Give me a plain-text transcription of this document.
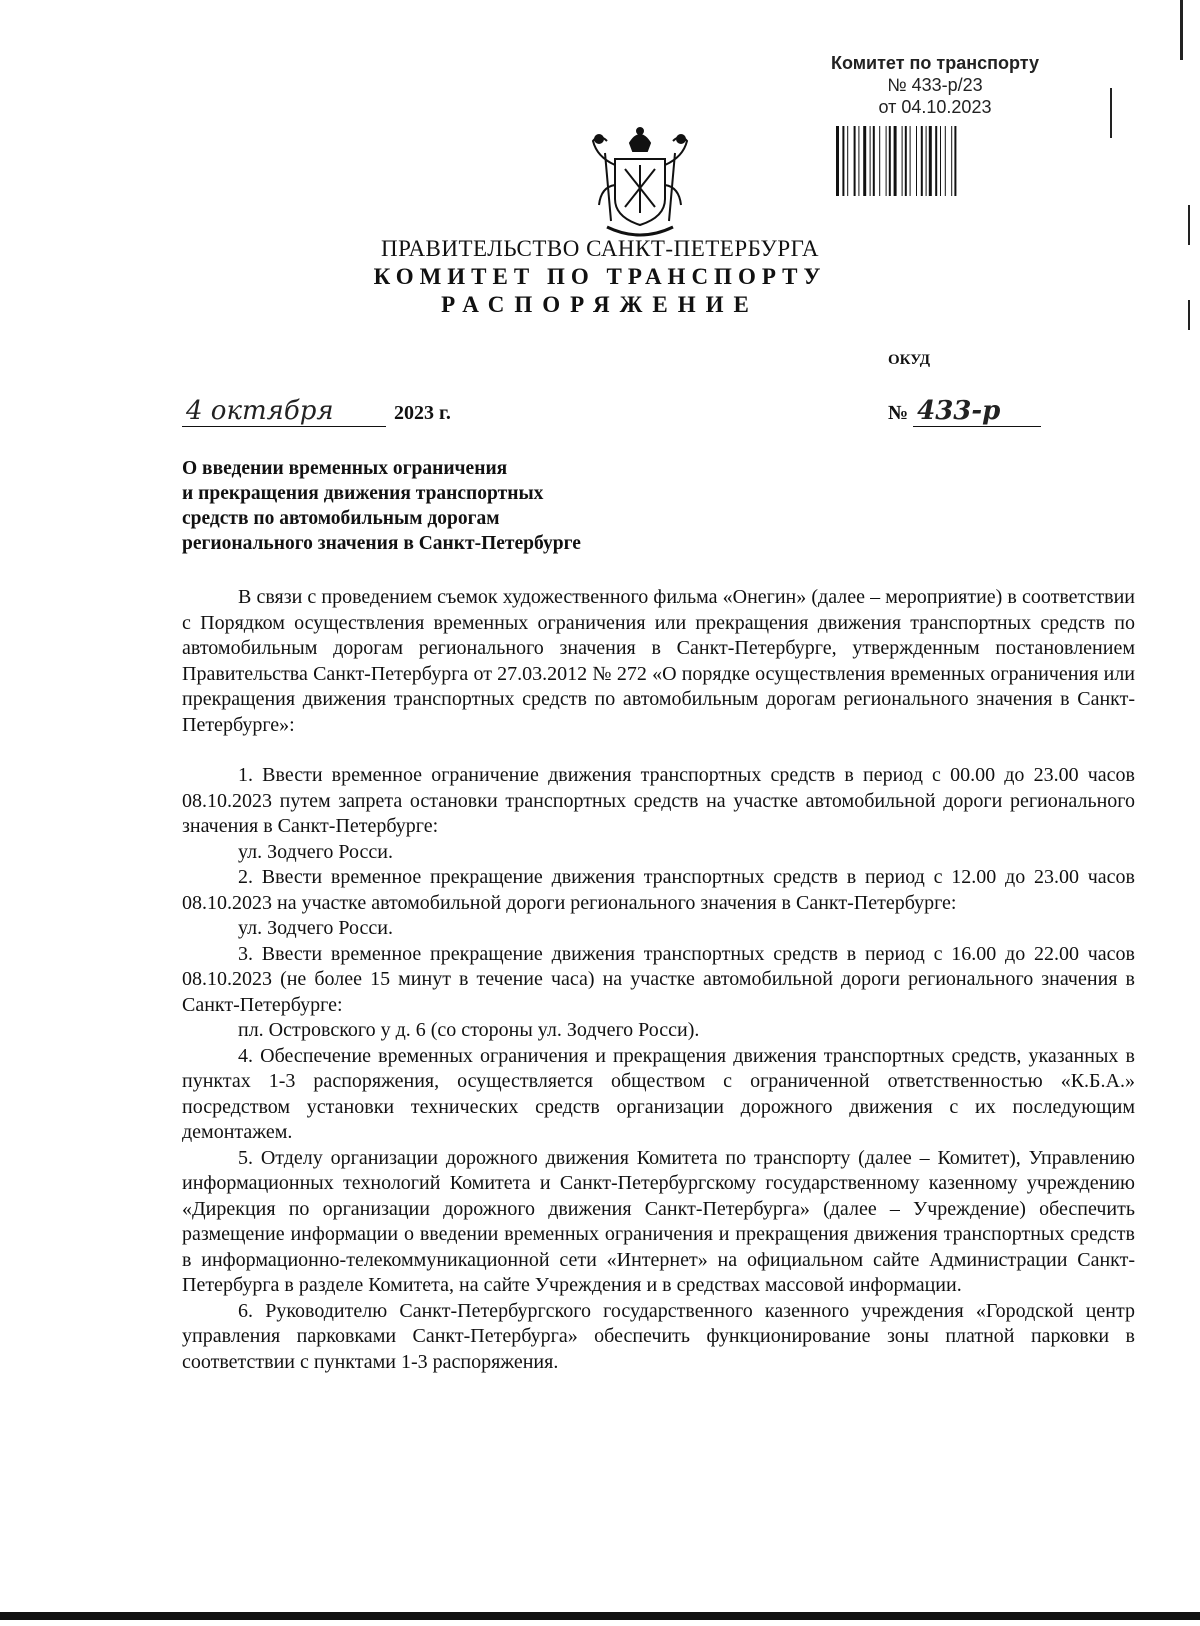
Комитет по транспорту
№ 433-р/23
от 04.10.2023
ПРАВИТЕЛЬСТВО САНКТ-ПЕТЕРБУРГА
КОМИТЕТ ПО ТРАНСПОРТУ
РАСПОРЯЖЕНИЕ
ОКУД
4 октября	2023 г.	№ 433-р
О введении временных ограничения
и прекращения движения транспортных
средств по автомобильным дорогам
регионального значения в Санкт-Петербурге

В связи с проведением съемок художественного фильма «Онегин» (далее – мероприятие) в соответствии с Порядком осуществления временных ограничения или прекращения движения транспортных средств по автомобильным дорогам регионального значения в Санкт-Петербурге, утвержденным постановлением Правительства Санкт-Петербурга от 27.03.2012 № 272 «О порядке осуществления временных ограничения или прекращения движения транспортных средств по автомобильным дорогам регионального значения в Санкт-Петербурге»:

1. Ввести временное ограничение движения транспортных средств в период с 00.00 до 23.00 часов 08.10.2023 путем запрета остановки транспортных средств на участке автомобильной дороги регионального значения в Санкт-Петербурге:

ул. Зодчего Росси.

2. Ввести временное прекращение движения транспортных средств в период с 12.00 до 23.00 часов 08.10.2023 на участке автомобильной дороги регионального значения в Санкт-Петербурге:

ул. Зодчего Росси.

3. Ввести временное прекращение движения транспортных средств в период с 16.00 до 22.00 часов 08.10.2023 (не более 15 минут в течение часа) на участке автомобильной дороги регионального значения в Санкт-Петербурге:

пл. Островского у д. 6 (со стороны ул. Зодчего Росси).

4. Обеспечение временных ограничения и прекращения движения транспортных средств, указанных в пунктах 1-3 распоряжения, осуществляется обществом с ограниченной ответственностью «К.Б.А.» посредством установки технических средств организации дорожного движения с их последующим демонтажем.

5. Отделу организации дорожного движения Комитета по транспорту (далее – Комитет), Управлению информационных технологий Комитета и Санкт-Петербургскому государственному казенному учреждению «Дирекция по организации дорожного движения Санкт-Петербурга» (далее – Учреждение) обеспечить размещение информации о введении временных ограничения и прекращения движения транспортных средств в информационно-телекоммуникационной сети «Интернет» на официальном сайте Администрации Санкт-Петербурга в разделе Комитета, на сайте Учреждения и в средствах массовой информации.

6. Руководителю Санкт-Петербургского государственного казенного учреждения «Городской центр управления парковками Санкт-Петербурга» обеспечить функционирование зоны платной парковки в соответствии с пунктами 1-3 распоряжения.
